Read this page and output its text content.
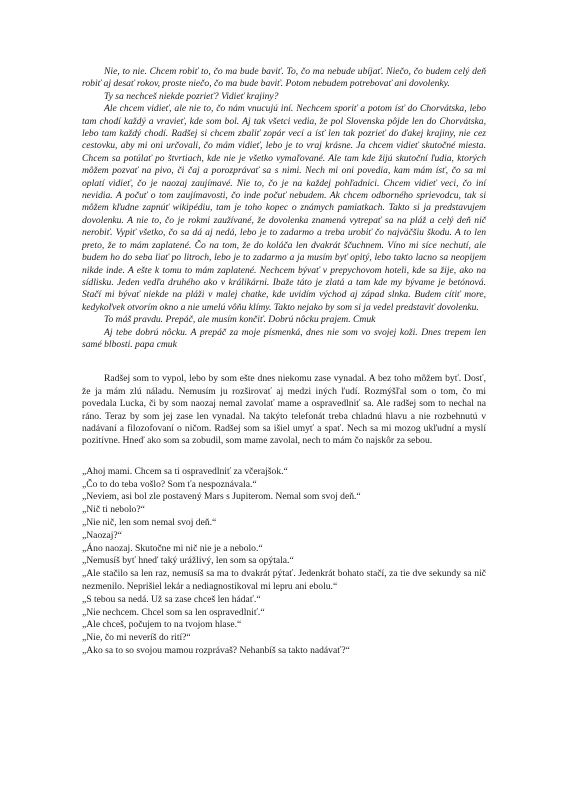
Nie, to nie. Chcem robiť to, čo ma bude baviť. To, čo ma nebude ubíjať. Niečo, čo budem celý deň robiť aj desať rokov, proste niečo, čo ma bude baviť. Potom nebudem potrebovať ani dovolenky.

Ty sa nechceš niekde pozrieť? Vidieť krajiny?

Ale chcem vidieť, ale nie to, čo nám vnucujú iní. Nechcem sporiť a potom ísť do Chorvátska, lebo tam chodí každý a vravieť, kde som bol. Aj tak všetci vedia, že pol Slovenska pôjde len do Chorvátska, lebo tam každý chodí. Radšej si chcem zbaliť zopár vecí a ísť len tak pozrieť do ďakej krajiny, nie cez cestovku, aby mi oni určovali, čo mám vidieť, lebo je to vraj krásne. Ja chcem vidieť skutočné miesta. Chcem sa potúlať po štvrtiach, kde nie je všetko vymaľované. Ale tam kde žijú skutoční ľudia, ktorých môžem pozvať na pivo, či čaj a porozprávať sa s nimi. Nech mi oni povedia, kam mám ísť, čo sa mi oplatí vidieť, čo je naozaj zaujímavé. Nie to, čo je na každej pohľadnici. Chcem vidieť veci, čo iní nevidia. A počuť o tom zaujímavosti, čo inde počuť nebudem. Ak chcem odborného sprievodcu, tak si môžem kľudne zapnúť wikipédiu, tam je toho kopec o známych pamiatkach. Takto si ja predstavujem dovolenku. A nie to, čo je rokmi zaužívané, že dovolenka znamená vytrepať sa na pláž a celý deň nič nerobiť. Vypiť všetko, čo sa dá aj nedá, lebo je to zadarmo a treba urobiť čo najväčšiu škodu. A to len preto, že to mám zaplatené. Čo na tom, že do koláča len dvakrát ščuchnem. Víno mi síce nechutí, ale budem ho do seba liať po litroch, lebo je to zadarmo a ja musím byť opitý, lebo takto lacno sa neopijem nikde inde. A ešte k tomu to mám zaplatené. Nechcem bývať v prepychovom hoteli, kde sa žije, ako na sídlisku. Jeden vedľa druhého ako v králikárni. Ibaže táto je zlatá a tam kde my bývame je betónová. Stačí mi bývať niekde na pláži v malej chatke, kde uvidím východ aj západ slnka. Budem cítiť more, kedykoľvek otvorím okno a nie umelú vôňu klímy. Takto nejako by som si ja vedel predstaviť dovolenku.

To máš pravdu. Prepáč, ale musím končiť. Dobrú nôcku prajem. Cmuk

Aj tebe dobrú nôcku. A prepáč za moje písmenká, dnes nie som vo svojej koži. Dnes trepem len samé blbosti. papa cmuk

Radšej som to vypol, lebo by som ešte dnes niekomu zase vynadal. A bez toho môžem byť. Dosť, že ja mám zlú náladu. Nemusím ju rozširovať aj medzi iných ľudí. Rozmýšľal som o tom, čo mi povedala Lucka, či by som naozaj nemal zavolať mame a ospravedlniť sa. Ale radšej som to nechal na ráno. Teraz by som jej zase len vynadal. Na takýto telefonát treba chladnú hlavu a nie rozbehnutú v nadávaní a filozofovaní o ničom. Radšej som sa išiel umyť a spať. Nech sa mi mozog ukľudní a myslí pozitívne. Hneď ako som sa zobudil, som mame zavolal, nech to mám čo najskôr za sebou.

„Ahoj mami. Chcem sa ti ospravedlniť za včerajšok.“

„Čo to do teba vošlo? Som ťa nespoznávala.“

„Neviem, asi bol zle postavený Mars s Jupiterom. Nemal som svoj deň.“

„Nič ti nebolo?“

„Nie nič, len som nemal svoj deň.“

„Naozaj?“

„Áno naozaj. Skutočne mi nič nie je a nebolo.“

„Nemusíš byť hneď taký urážlivý, len som sa opýtala.“

„Ale stačilo sa len raz, nemusíš sa ma to dvakrát pýtať. Jedenkrát bohato stačí, za tie dve sekundy sa nič nezmenilo. Neprišiel lekár a nediagnostikoval mi lepru ani ebolu.“

„S tebou sa nedá. Už sa zase chceš len hádať.“

„Nie nechcem. Chcel som sa len ospravedlniť.“

„Ale chceš, počujem to na tvojom hlase.“

„Nie, čo mi neveríš do rití?“

„Ako sa to so svojou mamou rozprávaš? Nehanbíš sa takto nadávať?“
